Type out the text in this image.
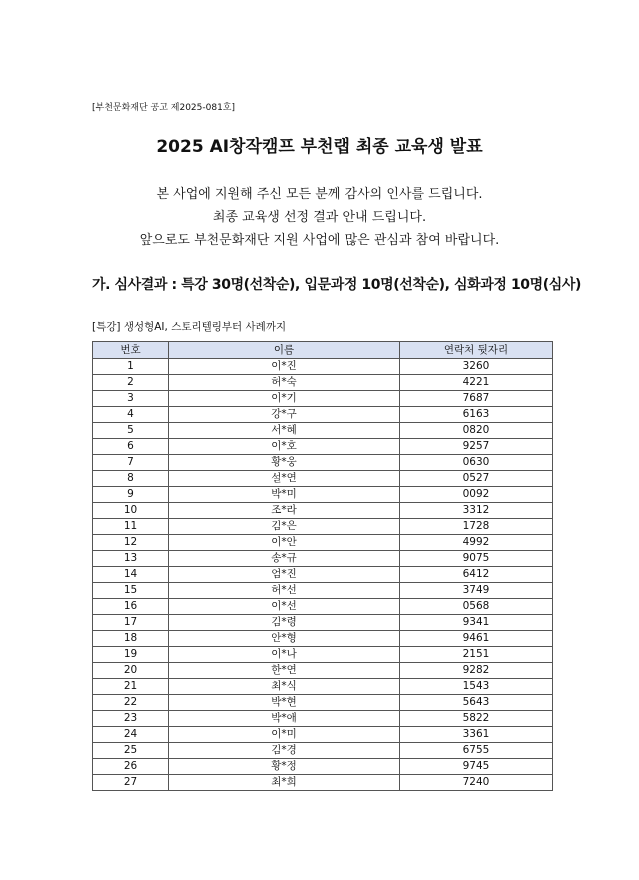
[부천문화재단 공고 제2025-081호]
2025 AI창작캠프 부천랩 최종 교육생 발표
본 사업에 지원해 주신 모든 분께 감사의 인사를 드립니다.
최종 교육생 선정 결과 안내 드립니다.
앞으로도 부천문화재단 지원 사업에 많은 관심과 참여 바랍니다.
가. 심사결과 : 특강 30명(선착순), 입문과정 10명(선착순), 심화과정 10명(심사)
[특강] 생성형AI, 스토리텔링부터 사례까지
번호	이름	연락처 뒷자리
1	이*진	3260
2	허*숙	4221
3	이*기	7687
4	강*구	6163
5	서*혜	0820
6	이*호	9257
7	황*웅	0630
8	설*연	0527
9	박*미	0092
10	조*라	3312
11	김*은	1728
12	이*안	4992
13	송*규	9075
14	엄*진	6412
15	허*선	3749
16	이*선	0568
17	김*령	9341
18	안*형	9461
19	이*나	2151
20	한*연	9282
21	최*식	1543
22	박*현	5643
23	박*애	5822
24	이*미	3361
25	김*경	6755
26	황*정	9745
27	최*희	7240
